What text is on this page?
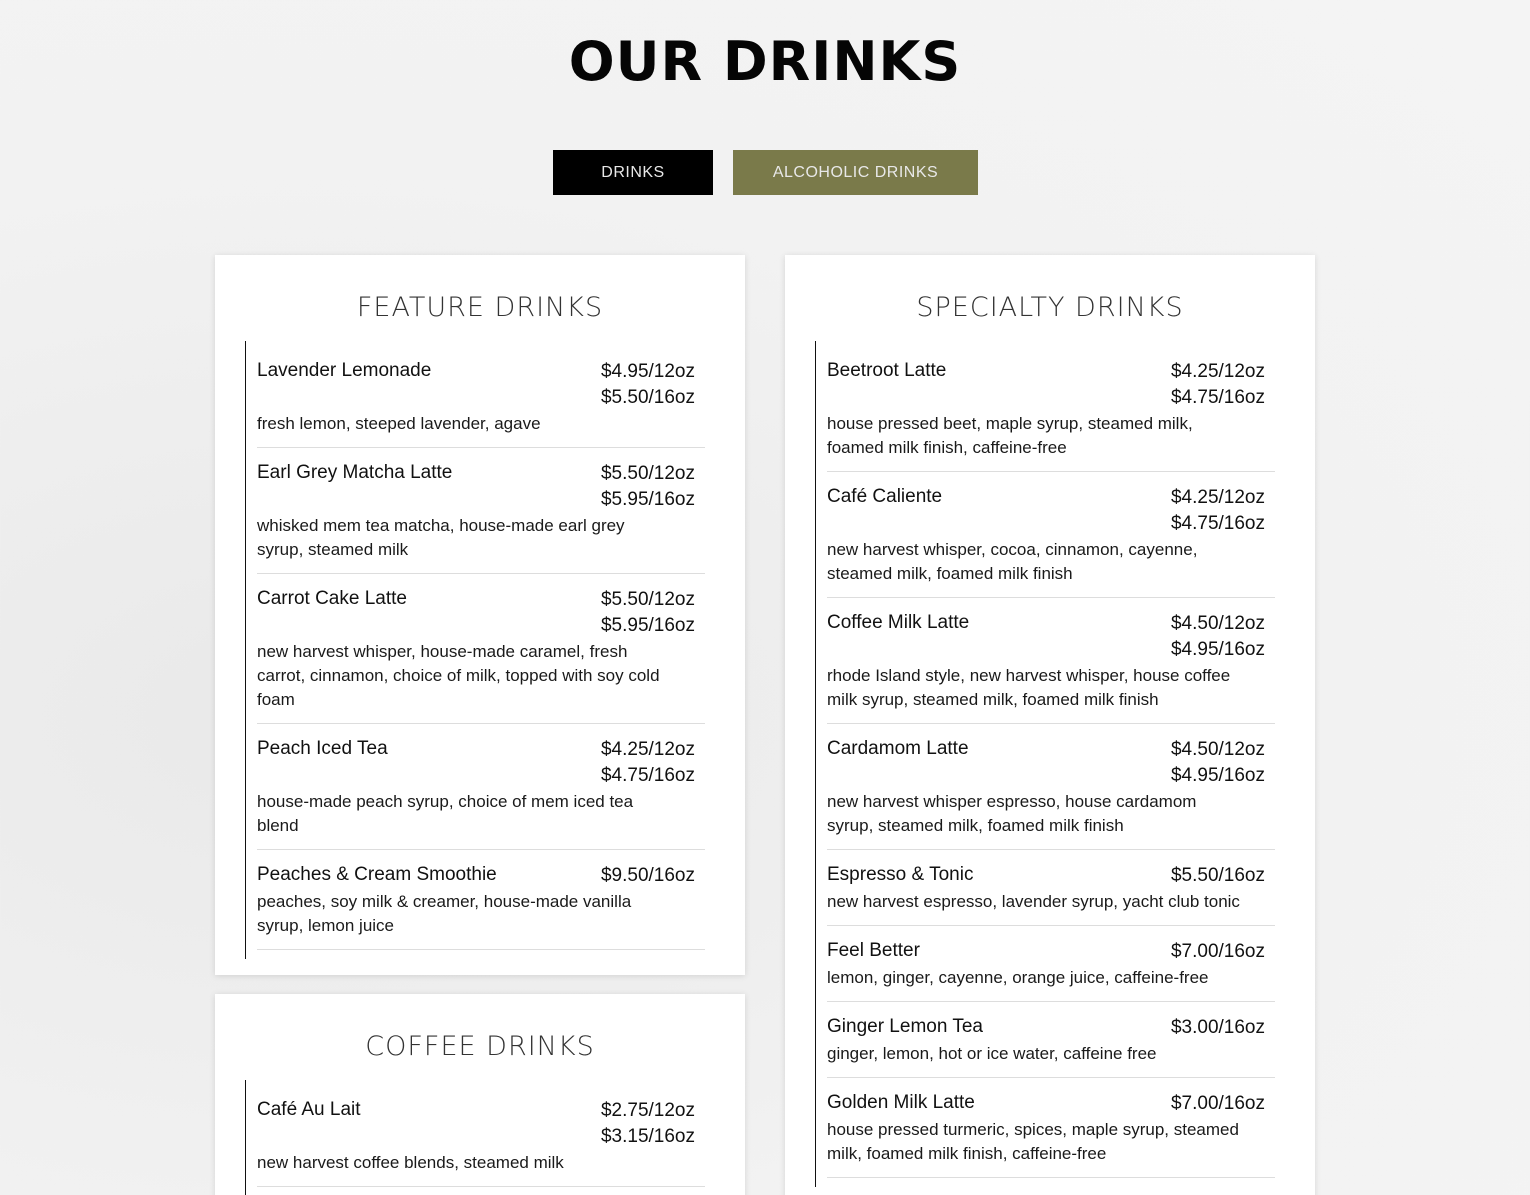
OUR DRINKS
DRINKS	ALCOHOLIC DRINKS
FEATURE DRINKS
Lavender Lemonade	$4.95/12oz
$5.50/16oz
fresh lemon, steeped lavender, agave
Earl Grey Matcha Latte	$5.50/12oz
$5.95/16oz
whisked mem tea matcha, house-made earl grey syrup, steamed milk
Carrot Cake Latte	$5.50/12oz
$5.95/16oz
new harvest whisper, house-made caramel, fresh carrot, cinnamon, choice of milk, topped with soy cold foam
Peach Iced Tea	$4.25/12oz
$4.75/16oz
house-made peach syrup, choice of mem iced tea blend
Peaches & Cream Smoothie	$9.50/16oz
peaches, soy milk & creamer, house-made vanilla syrup, lemon juice
COFFEE DRINKS
Café Au Lait	$2.75/12oz
$3.15/16oz
new harvest coffee blends, steamed milk
SPECIALTY DRINKS
Beetroot Latte	$4.25/12oz
$4.75/16oz
house pressed beet, maple syrup, steamed milk, foamed milk finish, caffeine-free
Café Caliente	$4.25/12oz
$4.75/16oz
new harvest whisper, cocoa, cinnamon, cayenne, steamed milk, foamed milk finish
Coffee Milk Latte	$4.50/12oz
$4.95/16oz
rhode Island style, new harvest whisper, house coffee milk syrup, steamed milk, foamed milk finish
Cardamom Latte	$4.50/12oz
$4.95/16oz
new harvest whisper espresso, house cardamom syrup, steamed milk, foamed milk finish
Espresso & Tonic	$5.50/16oz
new harvest espresso, lavender syrup, yacht club tonic
Feel Better	$7.00/16oz
lemon, ginger, cayenne, orange juice, caffeine-free
Ginger Lemon Tea	$3.00/16oz
ginger, lemon, hot or ice water, caffeine free
Golden Milk Latte	$7.00/16oz
house pressed turmeric, spices, maple syrup, steamed milk, foamed milk finish, caffeine-free
